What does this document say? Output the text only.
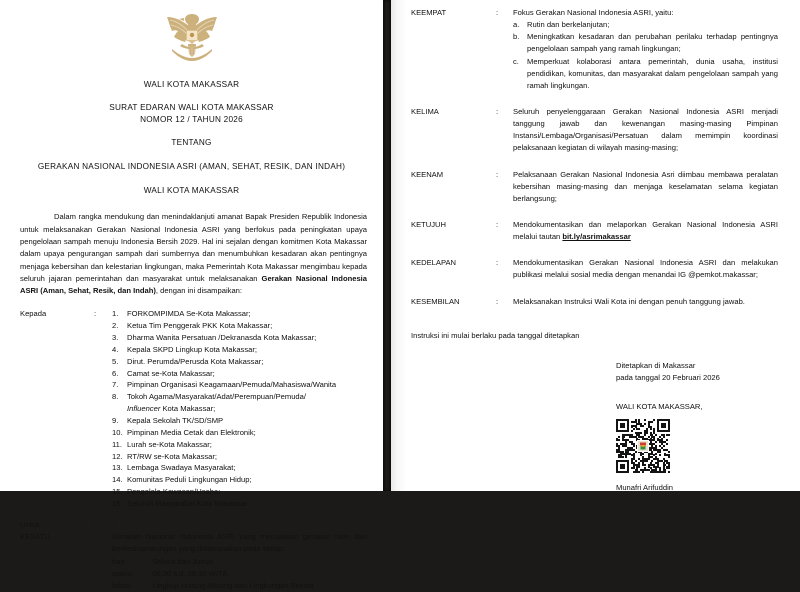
WALI KOTA MAKASSAR
SURAT EDARAN WALI KOTA MAKASSAR
NOMOR 12 / TAHUN 2026
TENTANG
GERAKAN NASIONAL INDONESIA ASRI (AMAN, SEHAT, RESIK, DAN INDAH)
WALI KOTA MAKASSAR

Dalam rangka mendukung dan menindaklanjuti amanat Bapak Presiden Republik Indonesia untuk melaksanakan Gerakan Nasional Indonesia ASRI yang berfokus pada peningkatan upaya pengelolaan sampah menuju Indonesia Bersih 2029. Hal ini sejalan dengan komitmen Kota Makassar dalam upaya pengurangan sampah dari sumbernya dan menumbuhkan kesadaran akan pentingnya menjaga kebersihan dan kelestarian lingkungan, maka Pemerintah Kota Makassar mengimbau kepada seluruh jajaran pemerintahan dan masyarakat untuk melaksanakan Gerakan Nasional Indonesia ASRI (Aman, Sehat, Resik, dan Indah), dengan ini disampaikan:

Kepada	:	1.	FORKOMPIMDA Se-Kota Makassar;
2.	Ketua Tim Penggerak PKK Kota Makassar;
3.	Dharma Wanita Persatuan /Dekranasda Kota Makassar;
4.	Kepala SKPD Lingkup Kota Makassar;
5.	Dirut. Perumda/Perusda Kota Makassar;
6.	Camat se-Kota Makassar;
7.	Pimpinan Organisasi Keagamaan/Pemuda/Mahasiswa/Wanita
8.	Tokoh Agama/Masyarakat/Adat/Perempuan/Pemuda/
Influencer Kota Makassar;
9.	Kepala Sekolah TK/SD/SMP
10. Pimpinan Media Cetak dan Elektronik;
11. Lurah se-Kota Makassar;
12. RT/RW se-Kota Makassar;
13. Lembaga Swadaya Masyarakat;
14. Komunitas Peduli Lingkungan Hidup;
15. Pengelola Kawasan/Usaha;
16. Seluruh Masyarakat Kota Makassar.
Untuk	:	-
KESATU	:	Gerakan Nasional Indonesia ASRI yang merupakan gerakan rutin dan berkesinambungan yang dilaksanakan pada setiap:
hari	: Selasa dan Jumat
waktu	: 06:30 s.d. 08:30 WITA
lokasi	: Lingkup Masing-Masing dan Lingkungan Sekitar
KEEMPAT	:	Fokus Gerakan Nasional Indonesia ASRI, yaitu:
a.	Rutin dan berkelanjutan;
b.	Meningkatkan kesadaran dan perubahan perilaku terhadap pentingnya pengelolaan sampah yang ramah lingkungan;
c.	Memperkuat kolaborasi antara pemerintah, dunia usaha, institusi pendidikan, komunitas, dan masyarakat dalam pengelolaan sampah yang ramah lingkungan.
KELIMA	:	Seluruh penyelenggaraan Gerakan Nasional Indonesia ASRI menjadi tanggung jawab dan kewenangan masing-masing Pimpinan Instansi/Lembaga/Organisasi/Persatuan dalam memimpin koordinasi pelaksanaan kegiatan di wilayah masing-masing;
KEENAM	:	Pelaksanaan Gerakan Nasional Indonesia Asri diimbau membawa peralatan kebersihan masing-masing dan menjaga keselamatan selama kegiatan berlangsung;
KETUJUH	:	Mendokumentasikan dan melaporkan Gerakan Nasional Indonesia ASRI melalui tautan bit.ly/asrimakassar
KEDELAPAN	:	Mendokumentasikan Gerakan Nasional Indonesia ASRI dan melakukan publikasi melalui sosial media dengan menandai IG @pemkot.makassar;
KESEMBILAN	:	Melaksanakan Instruksi Wali Kota ini dengan penuh tanggung jawab.
Instruksi ini mulai berlaku pada tanggal ditetapkan
Ditetapkan di Makassar
pada tanggal 20 Februari 2026
WALI KOTA MAKASSAR,
Munafri Arifuddin
